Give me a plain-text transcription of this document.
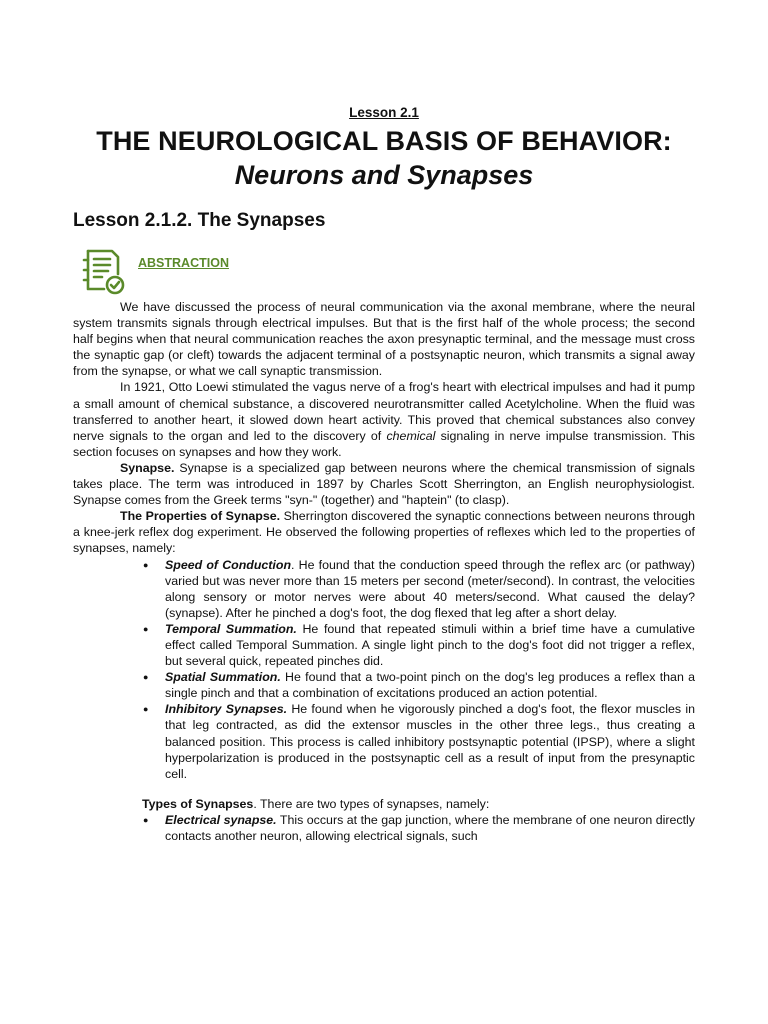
Lesson 2.1
THE NEUROLOGICAL BASIS OF BEHAVIOR:
Neurons and Synapses
Lesson 2.1.2. The Synapses
ABSTRACTION

We have discussed the process of neural communication via the axonal membrane, where the neural system transmits signals through electrical impulses. But that is the first half of the whole process; the second half begins when that neural communication reaches the axon presynaptic terminal, and the message must cross the synaptic gap (or cleft) towards the adjacent terminal of a postsynaptic neuron, which transmits a signal away from the synapse, or what we call synaptic transmission.

In 1921, Otto Loewi stimulated the vagus nerve of a frog's heart with electrical impulses and had it pump a small amount of chemical substance, a discovered neurotransmitter called Acetylcholine. When the fluid was transferred to another heart, it slowed down heart activity. This proved that chemical substances also convey nerve signals to the organ and led to the discovery of chemical signaling in nerve impulse transmission. This section focuses on synapses and how they work.

Synapse. Synapse is a specialized gap between neurons where the chemical transmission of signals takes place. The term was introduced in 1897 by Charles Scott Sherrington, an English neurophysiologist. Synapse comes from the Greek terms "syn-" (together) and "haptein" (to clasp).

The Properties of Synapse. Sherrington discovered the synaptic connections between neurons through a knee-jerk reflex dog experiment. He observed the following properties of reflexes which led to the properties of synapses, namely:

● Speed of Conduction. He found that the conduction speed through the reflex arc (or pathway) varied but was never more than 15 meters per second (meter/second). In contrast, the velocities along sensory or motor nerves were about 40 meters/second. What caused the delay? (synapse). After he pinched a dog's foot, the dog flexed that leg after a short delay.
● Temporal Summation. He found that repeated stimuli within a brief time have a cumulative effect called Temporal Summation. A single light pinch to the dog's foot did not trigger a reflex, but several quick, repeated pinches did.
● Spatial Summation. He found that a two-point pinch on the dog's leg produces a reflex than a single pinch and that a combination of excitations produced an action potential.
● Inhibitory Synapses. He found when he vigorously pinched a dog's foot, the flexor muscles in that leg contracted, as did the extensor muscles in the other three legs., thus creating a balanced position. This process is called inhibitory postsynaptic potential (IPSP), where a slight hyperpolarization is produced in the postsynaptic cell as a result of input from the presynaptic cell.

Types of Synapses. There are two types of synapses, namely:

● Electrical synapse. This occurs at the gap junction, where the membrane of one neuron directly contacts another neuron, allowing electrical signals, such
